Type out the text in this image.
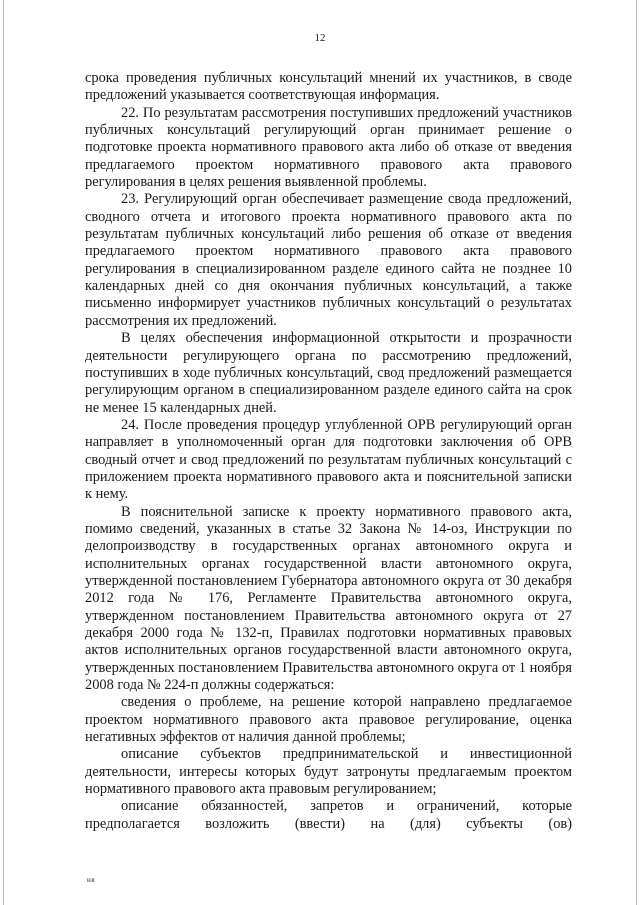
12

срока проведения публичных консультаций мнений их участников, в своде предложений указывается соответствующая информация.

22. По результатам рассмотрения поступивших предложений участников публичных консультаций регулирующий орган принимает решение о подготовке проекта нормативного правового акта либо об отказе от введения предлагаемого проектом нормативного правового акта правового регулирования в целях решения выявленной проблемы.

23. Регулирующий орган обеспечивает размещение свода предложений, сводного отчета и итогового проекта нормативного правового акта по результатам публичных консультаций либо решения об отказе от введения предлагаемого проектом нормативного правового акта правового регулирования в специализированном разделе единого сайта не позднее 10 календарных дней со дня окончания публичных консультаций, а также письменно информирует участников публичных консультаций о результатах рассмотрения их предложений.

В целях обеспечения информационной открытости и прозрачности деятельности регулирующего органа по рассмотрению предложений, поступивших в ходе публичных консультаций, свод предложений размещается регулирующим органом в специализированном разделе единого сайта на срок не менее 15 календарных дней.

24. После проведения процедур углубленной ОРВ регулирующий орган направляет в уполномоченный орган для подготовки заключения об ОРВ сводный отчет и свод предложений по результатам публичных консультаций с приложением проекта нормативного правового акта и пояснительной записки к нему.

В пояснительной записке к проекту нормативного правового акта, помимо сведений, указанных в статье 32 Закона № 14-оз, Инструкции по делопроизводству в государственных органах автономного округа и исполнительных органах государственной власти автономного округа, утвержденной постановлением Губернатора автономного округа от 30 декабря 2012 года № 176, Регламенте Правительства автономного округа, утвержденном постановлением Правительства автономного округа от 27 декабря 2000 года № 132-п, Правилах подготовки нормативных правовых актов исполнительных органов государственной власти автономного округа, утвержденных постановлением Правительства автономного округа от 1 ноября 2008 года № 224-п должны содержаться:

сведения о проблеме, на решение которой направлено предлагаемое проектом нормативного правового акта правовое регулирование, оценка негативных эффектов от наличия данной проблемы;

описание субъектов предпринимательской и инвестиционной деятельности, интересы которых будут затронуты предлагаемым проектом нормативного правового акта правовым регулированием;

описание обязанностей, запретов и ограничений, которые предполагается возложить (ввести) на (для) субъекты (ов)

нв
